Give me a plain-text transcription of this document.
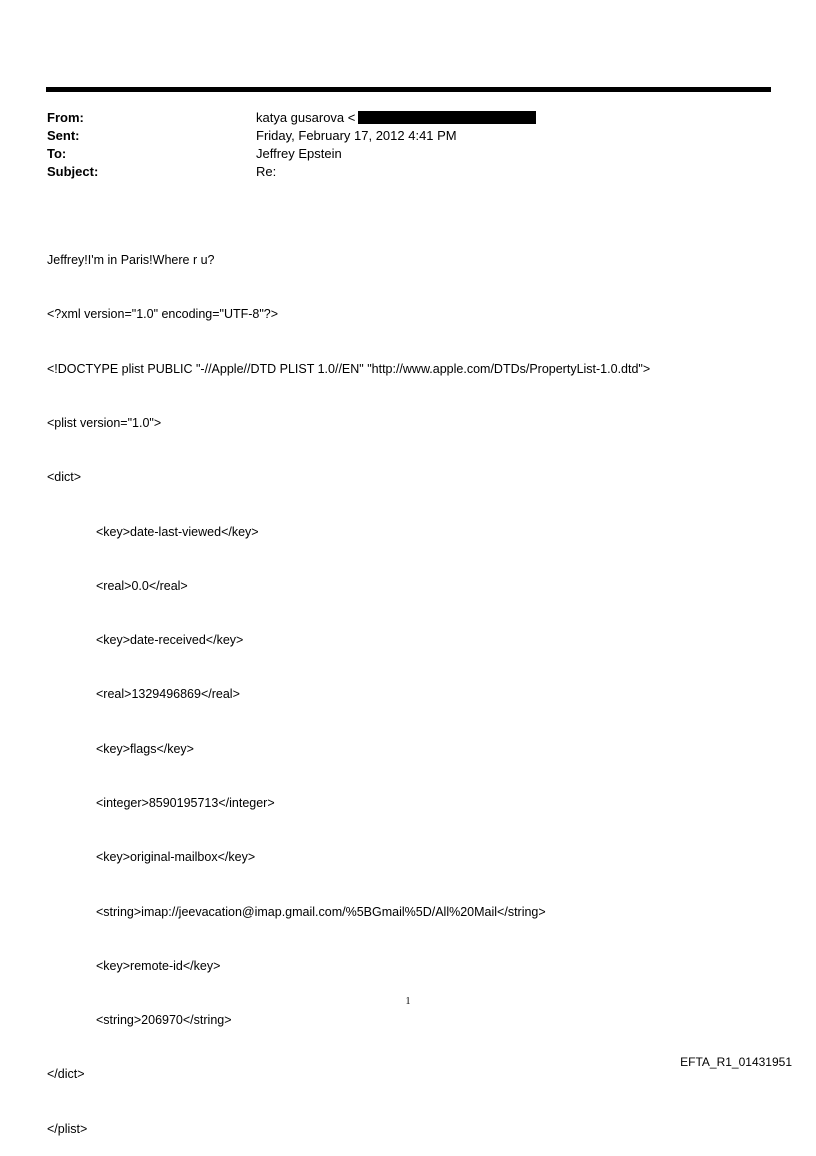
From:	katya gusarova <
Sent:	Friday, February 17, 2012 4:41 PM
To:	Jeffrey Epstein
Subject:	Re:

Jeffrey!I'm in Paris!Where r u?

<?xml version="1.0" encoding="UTF-8"?>

<!DOCTYPE plist PUBLIC "-//Apple//DTD PLIST 1.0//EN" "http://www.apple.com/DTDs/PropertyList-1.0.dtd">

<plist version="1.0">

<dict>

<key>date-last-viewed</key>

<real>0.0</real>

<key>date-received</key>

<real>1329496869</real>

<key>flags</key>

<integer>8590195713</integer>

<key>original-mailbox</key>

<string>imap://jeevacation@imap.gmail.com/%5BGmail%5D/All%20Mail</string>

<key>remote-id</key>

<string>206970</string>

</dict>

</plist>

1
EFTA_R1_01431951
